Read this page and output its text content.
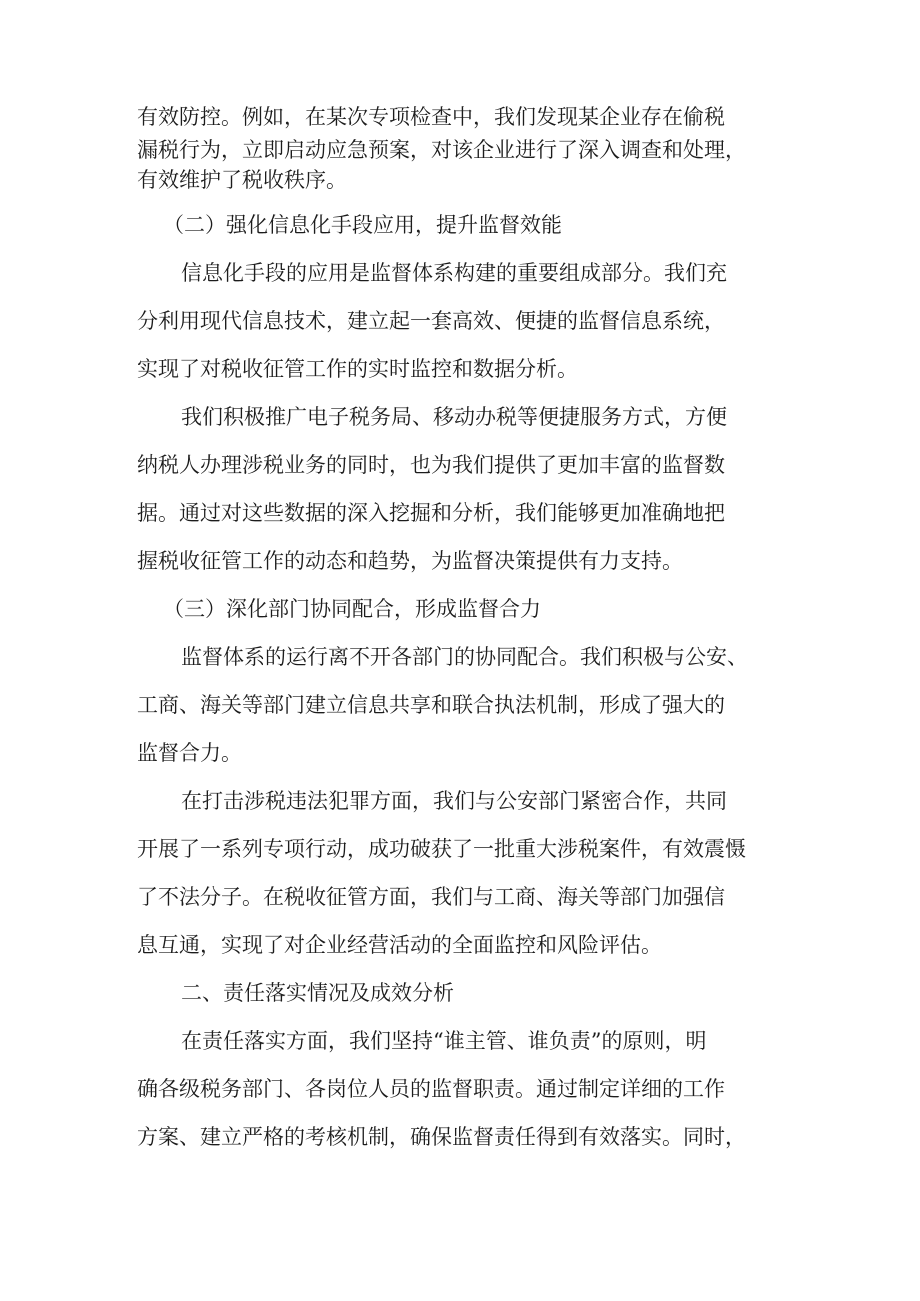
有效防控。例如，在某次专项检查中，我们发现某企业存在偷税

漏税行为，立即启动应急预案，对该企业进行了深入调查和处理，

有效维护了税收秩序。

（二）强化信息化手段应用，提升监督效能

信息化手段的应用是监督体系构建的重要组成部分。我们充

分利用现代信息技术，建立起一套高效、便捷的监督信息系统，

实现了对税收征管工作的实时监控和数据分析。

我们积极推广电子税务局、移动办税等便捷服务方式，方便

纳税人办理涉税业务的同时，也为我们提供了更加丰富的监督数

据。通过对这些数据的深入挖掘和分析，我们能够更加准确地把

握税收征管工作的动态和趋势，为监督决策提供有力支持。

（三）深化部门协同配合，形成监督合力

监督体系的运行离不开各部门的协同配合。我们积极与公安、

工商、海关等部门建立信息共享和联合执法机制，形成了强大的

监督合力。

在打击涉税违法犯罪方面，我们与公安部门紧密合作，共同

开展了一系列专项行动，成功破获了一批重大涉税案件，有效震慑

了不法分子。在税收征管方面，我们与工商、海关等部门加强信

息互通，实现了对企业经营活动的全面监控和风险评估。

二、责任落实情况及成效分析

在责任落实方面，我们坚持“谁主管、谁负责”的原则，明

确各级税务部门、各岗位人员的监督职责。通过制定详细的工作

方案、建立严格的考核机制，确保监督责任得到有效落实。同时，
